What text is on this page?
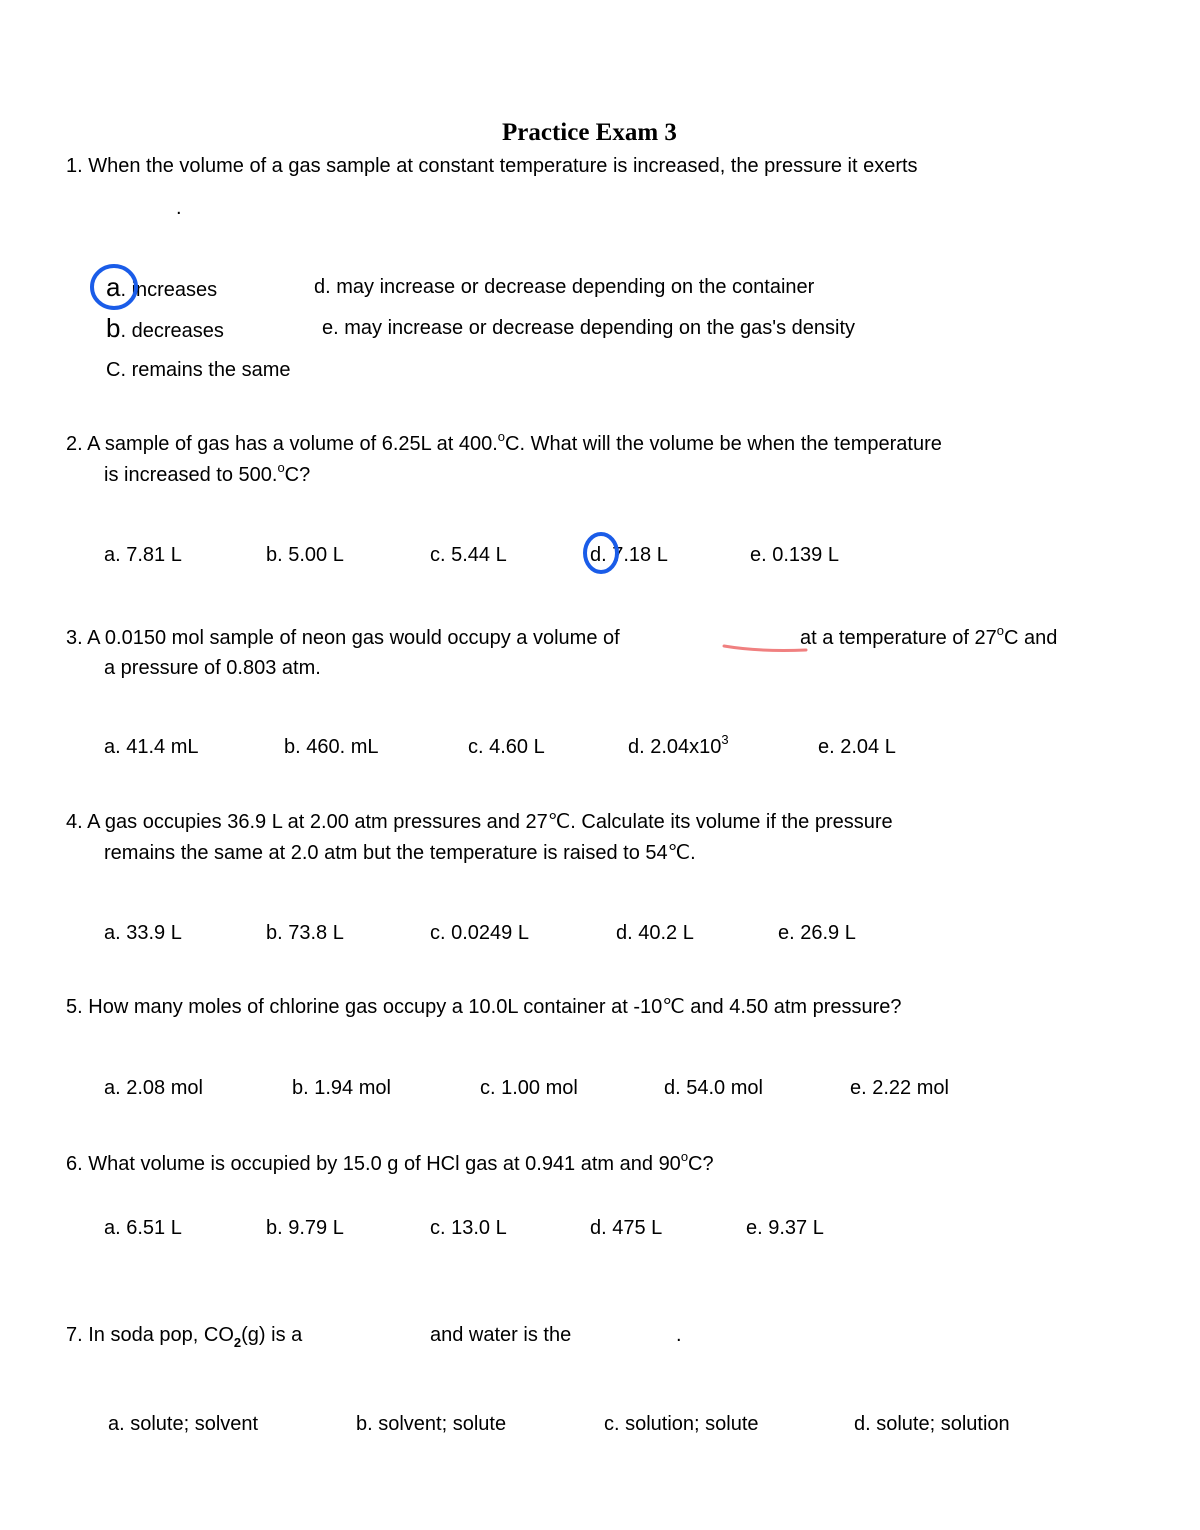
Practice Exam 3
1. When the volume of a gas sample at constant temperature is increased, the pressure it exerts
.
a. increases
b. decreases
C. remains the same
d. may increase or decrease depending on the container
e. may increase or decrease depending on the gas's density
2. A sample of gas has a volume of 6.25L at 400.$^o$C. What will the volume be when the temperature
is increased to 500.$^o$C?
a. 7.81 L	b. 5.00 L	c. 5.44 L	d. 7.18 L	e. 0.139 L
3. A 0.0150 mol sample of neon gas would occupy a volume of	at a temperature of 27$^o$C and
a pressure of 0.803 atm.
a. 41.4 mL	b. 460. mL	c. 4.60 L	d. $2.04x10^3$	e. 2.04 L
4. A gas occupies 36.9 L at 2.00 atm pressures and 27℃. Calculate its volume if the pressure
remains the same at 2.0 atm but the temperature is raised to 54℃.
a. 33.9 L	b. 73.8 L	c. 0.0249 L	d. 40.2 L	e. 26.9 L
5. How many moles of chlorine gas occupy a 10.0L container at -10℃ and 4.50 atm pressure?
a. 2.08 mol	b. 1.94 mol	c. 1.00 mol	d. 54.0 mol	e. 2.22 mol
6. What volume is occupied by 15.0 g of HCl gas at 0.941 atm and 90$^o$C?
a. 6.51 L	b. 9.79 L	c. 13.0 L	d. 475 L	e. 9.37 L
7. In soda pop, $CO_2(g)$ is a	and water is the	.
a. solute; solvent	b. solvent; solute	c. solution; solute	d. solute; solution
